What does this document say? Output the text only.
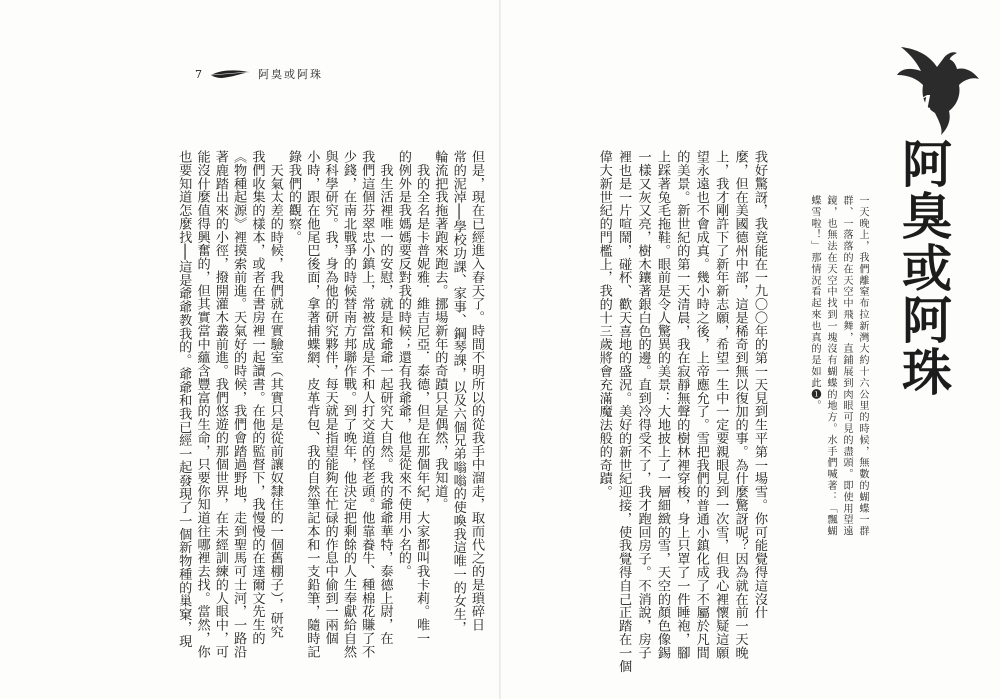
7	阿臭或阿珠

但是，現在已經進入春天了。時間不明所以的從我手中溜走，取而代之的是瑣碎日

常的泥淖──學校功課、家事、鋼琴課，以及六個兄弟嗡嗡的使喚我這唯一的女生，

輪流把我拖著跑來跑去。挪場新年的奇蹟只是偶然，我知道。

　我的全名是卡普妮雅．維吉尼亞．泰德，但是在那個年紀，大家都叫我卡莉。唯一

的例外是我媽媽要反對我的時候；還有我爺爺，他是從來不使用小名的。

　我生活裡唯一的安慰，就是和爺爺一起研究大自然。我的爺爺華特，泰德上尉，在

我們這個芬翠忠小鎮上，常被當成是不和人打交道的怪老頭。他靠養牛、種棉花賺了不

少錢，在南北戰爭的時候替南方邦聯作戰。到了晚年，他決定把剩餘的人生奉獻給自然

與科學研究。我，身為他的研究夥伴，每天就是指望能夠在忙碌的作息中偷到一兩個

小時，跟在他尾巴後面，拿著捕蝶網、皮革背包、我的自然筆記本和一支鉛筆，隨時記

錄我們的觀察。

　天氣太差的時候，我們就在實驗室（其實只是從前讓奴隸住的一個舊棚子），研究

我們收集的樣本，或者在書房裡一起讀書。在他的監督下，我慢慢的在達爾文先生的

《物種起源》裡摸索前進。天氣好的時候，我們會踏過野地，走到聖馬可士河，一路沿

著鹿踏出來的小徑，撥開灌木叢前進。我們悠遊的那個世界，在未經訓練的人眼中，可

能沒什麼值得興奮的，但其實當中蘊含豐富的生命，只要你知道往哪裡去找。當然，你

也要知道怎麼找──這是爺爺教我的。爺爺和我已經一起發現了一個新物種的巢窠，現	我好驚訝，我竟能在一九〇〇年的第一天見到生平第一場雪。你可能覺得這沒什

麼，但在美國德州中部，這是稀奇到無以復加的事。為什麼驚訝呢？因為就在前一天晚

上，我才剛許下了新年新志願，希望一生中一定要親眼見到一次雪，但我心裡懷疑這願

望永遠也不會成真。幾小時之後，上帝應允了。雪把我們的普通小鎮化成了不屬於凡間

的美景。新世紀的第一天清晨，我在寂靜無聲的樹林裡穿梭，身上只罩了一件睡袍，腳

上踩著兔毛拖鞋。眼前是令人驚異的美景：大地披上了一層細緻的雪，天空的顏色像錫

一樣又灰又亮，樹木鑲著銀白色的邊。直到冷得受不了，我才跑回房子。不消說，房子

裡也是一片喧鬧，碰杯、歡天喜地的盛況。美好的新世紀迎接，使我覺得自己正踏在一個

偉大新世紀的門檻上，我的十三歲將會充滿魔法般的奇蹟。	一天晚上，我們離窒布拉新灣大約十六公里的時候，無數的蝴蝶一群

群、一落落的在天空中飛舞，直鋪展到肉眼可見的盡頭。即使用望遠

鏡，也無法在天空中找到一塊沒有蝴蝶的地方。水手們喊著：「飄蝴

蝶雪啦！」那情況看起來也真的是如此❶。

1
阿臭或阿珠
